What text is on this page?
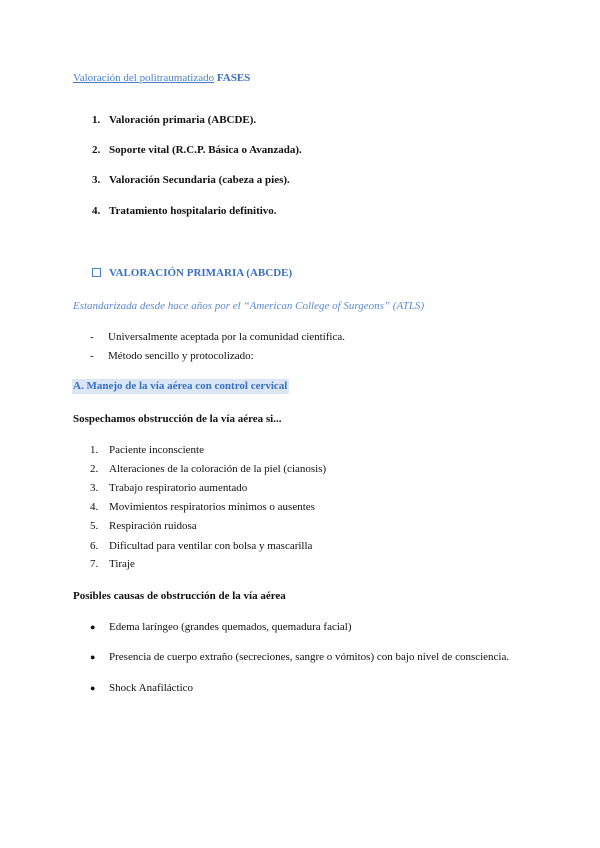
Valoración del politraumatizado FASES
1. Valoración primaria (ABCDE).
2. Soporte vital (R.C.P. Básica o Avanzada).
3. Valoración Secundaria (cabeza a pies).
4. Tratamiento hospitalario definitivo.
VALORACIÓN PRIMARIA (ABCDE)
Estandarizada desde hace años por el “American College of Surgeons” (ATLS)
- Universalmente aceptada por la comunidad científica.
- Método sencillo y protocolizado:
A. Manejo de la vía aérea con control cervical
Sospechamos obstrucción de la vía aérea si...
1. Paciente inconsciente
2. Alteraciones de la coloración de la piel (cianosis)
3. Trabajo respiratorio aumentado
4. Movimientos respiratorios mínimos o ausentes
5. Respiración ruidosa
6. Dificultad para ventilar con bolsa y mascarilla
7. Tiraje
Posibles causas de obstrucción de la vía aérea
● Edema laríngeo (grandes quemados, quemadura facial)
● Presencia de cuerpo extraño (secreciones, sangre o vómitos) con bajo nivel de consciencia.
● Shock Anafiláctico
